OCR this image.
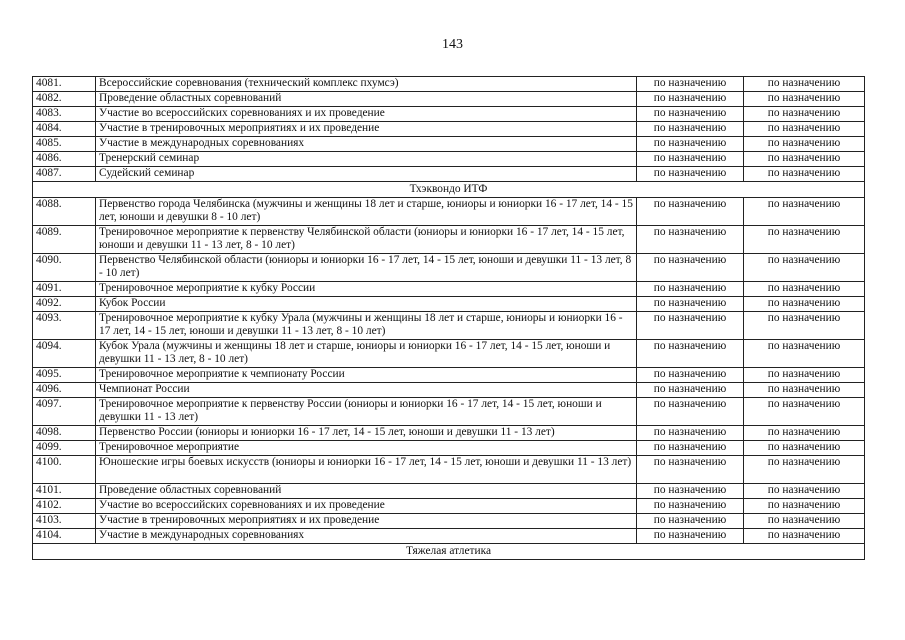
143
4081.	Всероссийские соревнования (технический комплекс пхумсэ)	по назначению	по назначению
4082.	Проведение областных соревнований	по назначению	по назначению
4083.	Участие во всероссийских соревнованиях и их проведение	по назначению	по назначению
4084.	Участие в тренировочных мероприятиях и их проведение	по назначению	по назначению
4085.	Участие в международных соревнованиях	по назначению	по назначению
4086.	Тренерский семинар	по назначению	по назначению
4087.	Судейский семинар	по назначению	по назначению
Тхэквондо ИТФ			
4088.	Первенство города Челябинска (мужчины и женщины 18 лет и старше, юниоры и юниорки 16 - 17 лет, 14 - 15 лет, юноши и девушки 8 - 10 лет)	по назначению	по назначению
4089.	Тренировочное мероприятие к первенству Челябинской области (юниоры и юниорки 16 - 17 лет, 14 - 15 лет, юноши и девушки 11 - 13 лет, 8 - 10 лет)	по назначению	по назначению
4090.	Первенство Челябинской области (юниоры и юниорки 16 - 17 лет, 14 - 15 лет, юноши и девушки 11 - 13 лет, 8 - 10 лет)	по назначению	по назначению
4091.	Тренировочное мероприятие к кубку России	по назначению	по назначению
4092.	Кубок России	по назначению	по назначению
4093.	Тренировочное мероприятие к кубку Урала (мужчины и женщины 18 лет и старше, юниоры и юниорки 16 - 17 лет, 14 - 15 лет, юноши и девушки 11 - 13 лет, 8 - 10 лет)	по назначению	по назначению
4094.	Кубок Урала (мужчины и женщины 18 лет и старше, юниоры и юниорки 16 - 17 лет, 14 - 15 лет, юноши и девушки 11 - 13 лет, 8 - 10 лет)	по назначению	по назначению
4095.	Тренировочное мероприятие к чемпионату России	по назначению	по назначению
4096.	Чемпионат России	по назначению	по назначению
4097.	Тренировочное мероприятие к первенству России (юниоры и юниорки 16 - 17 лет, 14 - 15 лет, юноши и девушки 11 - 13 лет)	по назначению	по назначению
4098.	Первенство России (юниоры и юниорки 16 - 17 лет, 14 - 15 лет, юноши и девушки 11 - 13 лет)	по назначению	по назначению
4099.	Тренировочное мероприятие	по назначению	по назначению
4100.	Юношеские игры боевых искусств (юниоры и юниорки 16 - 17 лет, 14 - 15 лет, юноши и девушки 11 - 13 лет)	по назначению	по назначению
4101.	Проведение областных соревнований	по назначению	по назначению
4102.	Участие во всероссийских соревнованиях и их проведение	по назначению	по назначению
4103.	Участие в тренировочных мероприятиях и их проведение	по назначению	по назначению
4104.	Участие в международных соревнованиях	по назначению	по назначению
Тяжелая атлетика			
